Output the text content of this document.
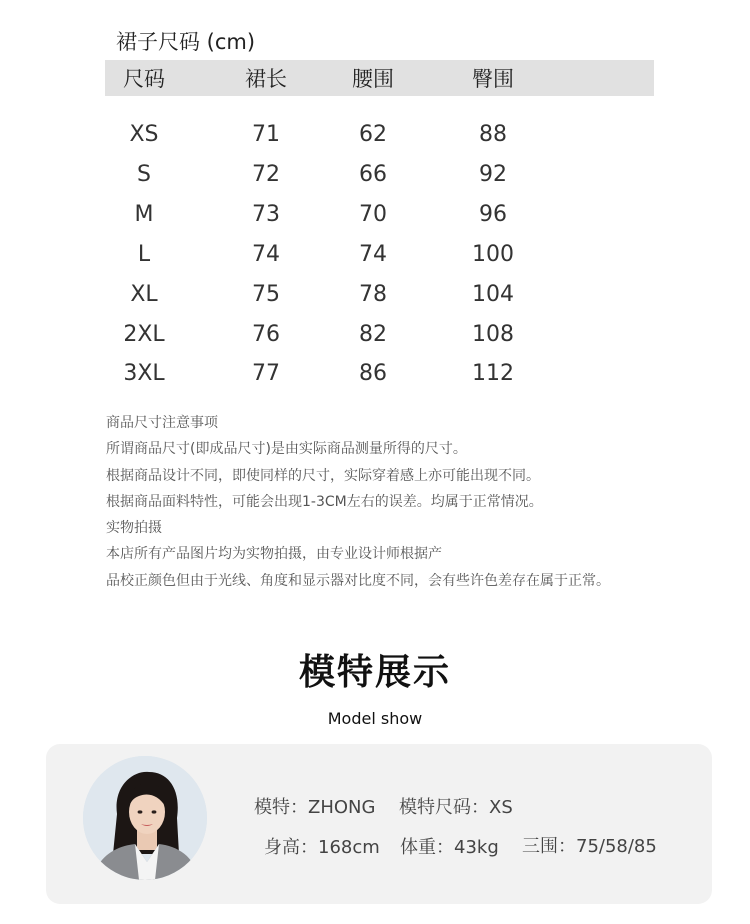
裙子尺码 (cm)
尺码	裙长	腰围	臀围
XS	71	62	88
S	72	66	92
M	73	70	96
L	74	74	100
XL	75	78	104
2XL	76	82	108
3XL	77	86	112
商品尺寸注意事项
所谓商品尺寸(即成品尺寸)是由实际商品测量所得的尺寸。
根据商品设计不同，即使同样的尺寸，实际穿着感上亦可能出现不同。
根据商品面料特性，可能会出现1-3CM左右的误差。均属于正常情况。
实物拍摄
本店所有产品图片均为实物拍摄，由专业设计师根据产
品校正颜色但由于光线、角度和显示器对比度不同，会有些许色差存在属于正常。
模特展示
Model show
模特：ZHONG 模特尺码：XS
身高：168cm 体重：43kg 三围：75/58/85
